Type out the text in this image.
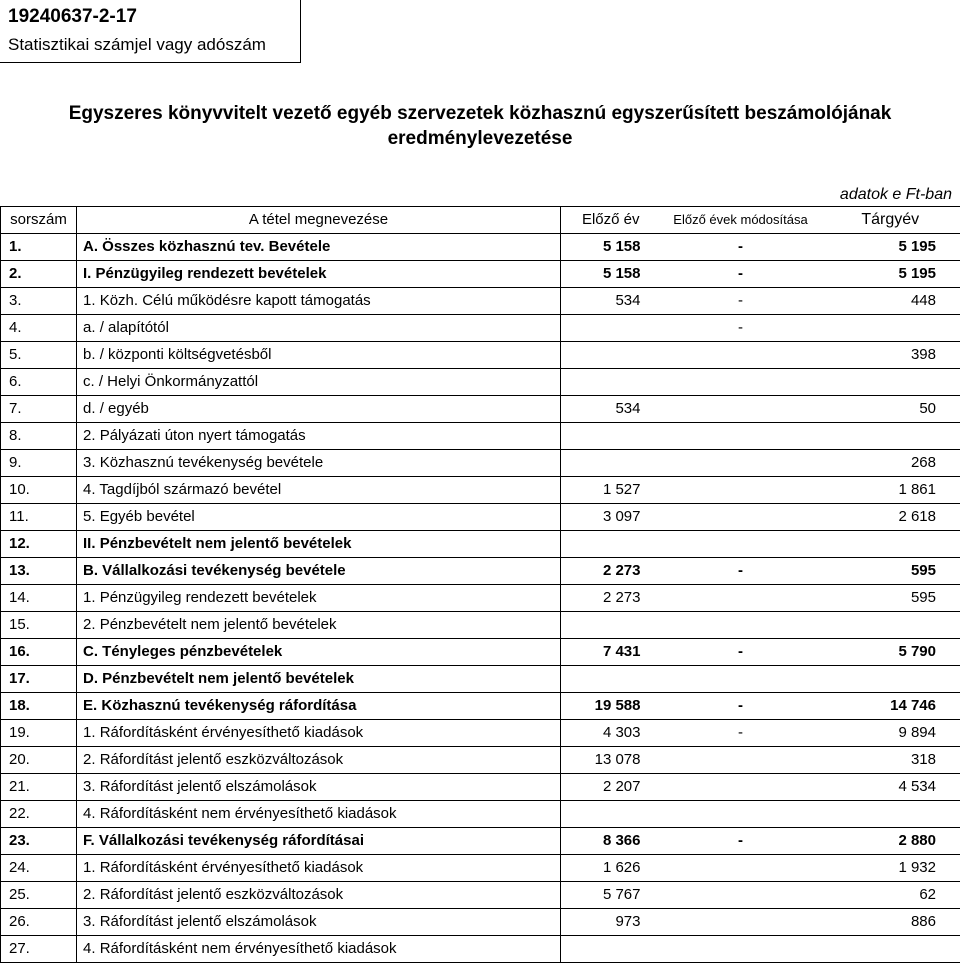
19240637-2-17
Statisztikai számjel vagy adószám
Egyszeres könyvvitelt vezető egyéb szervezetek közhasznú egyszerűsített beszámolójának
eredménylevezetése
adatok e Ft-ban
sorszám	A tétel megnevezése	Előző év	Előző évek módosítása	Tárgyév
1.	A. Összes közhasznú tev. Bevétele	5 158	-	5 195
2.	I. Pénzügyileg rendezett bevételek	5 158	-	5 195
3.	1. Közh. Célú működésre kapott támogatás	534	-	448
4.	a. / alapítótól		-	
5.	b. / központi költségvetésből			398
6.	c. / Helyi Önkormányzattól			
7.	d. / egyéb	534		50
8.	2. Pályázati úton nyert támogatás			
9.	3. Közhasznú tevékenység bevétele			268
10.	4. Tagdíjból származó bevétel	1 527		1 861
11.	5. Egyéb bevétel	3 097		2 618
12.	II. Pénzbevételt nem jelentő bevételek			
13.	B. Vállalkozási tevékenység bevétele	2 273	-	595
14.	1. Pénzügyileg rendezett bevételek	2 273		595
15.	2. Pénzbevételt nem jelentő bevételek			
16.	C. Tényleges pénzbevételek	7 431	-	5 790
17.	D. Pénzbevételt nem jelentő bevételek			
18.	E. Közhasznú tevékenység ráfordítása	19 588	-	14 746
19.	1. Ráfordításként érvényesíthető kiadások	4 303	-	9 894
20.	2. Ráfordítást jelentő eszközváltozások	13 078		318
21.	3. Ráfordítást jelentő elszámolások	2 207		4 534
22.	4. Ráfordításként nem érvényesíthető kiadások			
23.	F. Vállalkozási tevékenység ráfordításai	8 366	-	2 880
24.	1. Ráfordításként érvényesíthető kiadások	1 626		1 932
25.	2. Ráfordítást jelentő eszközváltozások	5 767		62
26.	3. Ráfordítást jelentő elszámolások	973		886
27.	4. Ráfordításként nem érvényesíthető kiadások			
